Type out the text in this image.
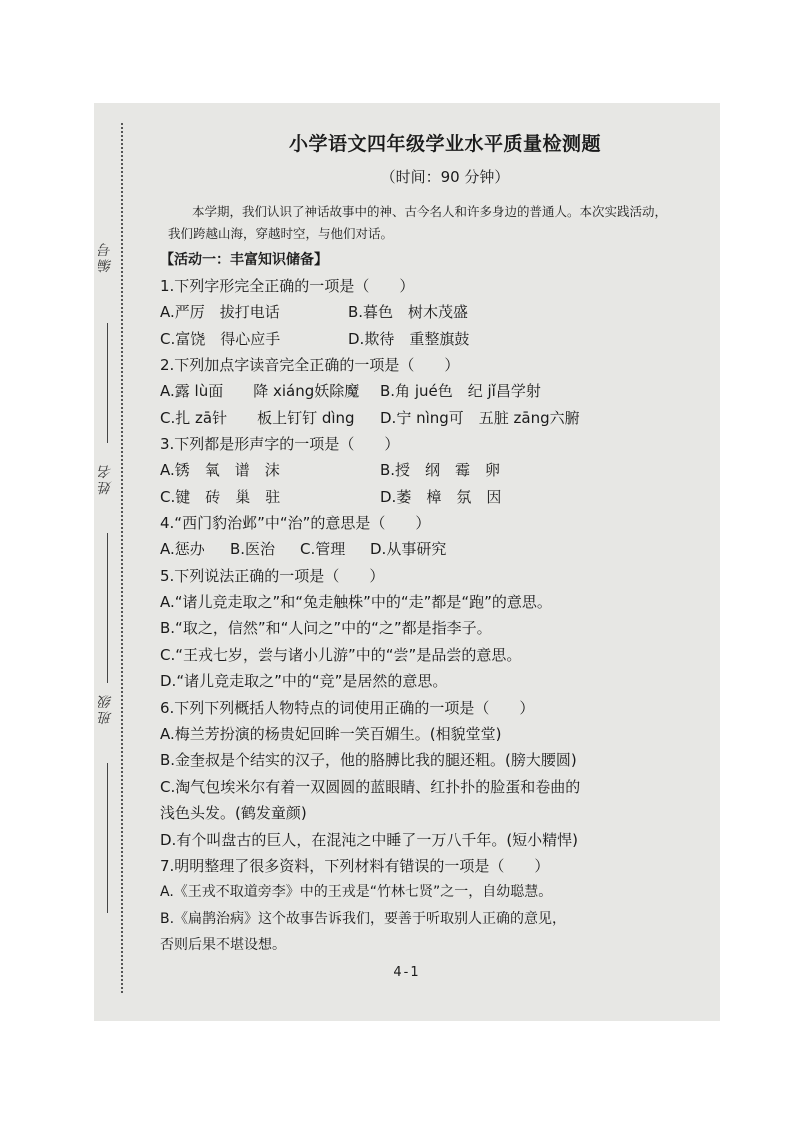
编号
姓名
班级
小学语文四年级学业水平质量检测题
（时间：90 分钟）

本学期，我们认识了神话故事中的神、古今名人和许多身边的普通人。本次实践活动，我们跨越山海，穿越时空，与他们对话。

【活动一：丰富知识储备】

1.下列字形完全正确的一项是（　　）

A.严厉　拔打电话	B.暮色　树木茂盛
C.富饶　得心应手	D.欺待　重整旗鼓

2.下列加点字读音完全正确的一项是（　　）

A.露 lù面　　降 xiáng妖除魔	B.角 jué色　纪 jǐ昌学射
C.扎 zā针　　板上钉钉 dìng	D.宁 nìng可　五脏 zāng六腑

3.下列都是形声字的一项是（　　）

A.锈　氧　谱　沫	B.授　纲　霉　卵
C.键　砖　巢　驻	D.萎　樟　氛　因

4.“西门豹治邺”中“治”的意思是（　　）

A.惩办	B.医治	C.管理	D.从事研究

5.下列说法正确的一项是（　　）

A.“诸儿竞走取之”和“兔走触株”中的“走”都是“跑”的意思。

B.“取之，信然”和“人问之”中的“之”都是指李子。

C.“王戎七岁，尝与诸小儿游”中的“尝”是品尝的意思。

D.“诸儿竞走取之”中的“竞”是居然的意思。

6.下列下列概括人物特点的词使用正确的一项是（　　）

A.梅兰芳扮演的杨贵妃回眸一笑百媚生。(相貌堂堂)

B.金奎叔是个结实的汉子，他的胳膊比我的腿还粗。(膀大腰圆)

C.淘气包埃米尔有着一双圆圆的蓝眼睛、红扑扑的脸蛋和卷曲的

浅色头发。(鹤发童颜)

D.有个叫盘古的巨人，在混沌之中睡了一万八千年。(短小精悍)

7.明明整理了很多资料，下列材料有错误的一项是（　　）

A.《王戎不取道旁李》中的王戎是“竹林七贤”之一，自幼聪慧。

B.《扁鹊治病》这个故事告诉我们，要善于听取别人正确的意见，

否则后果不堪设想。

4-1
